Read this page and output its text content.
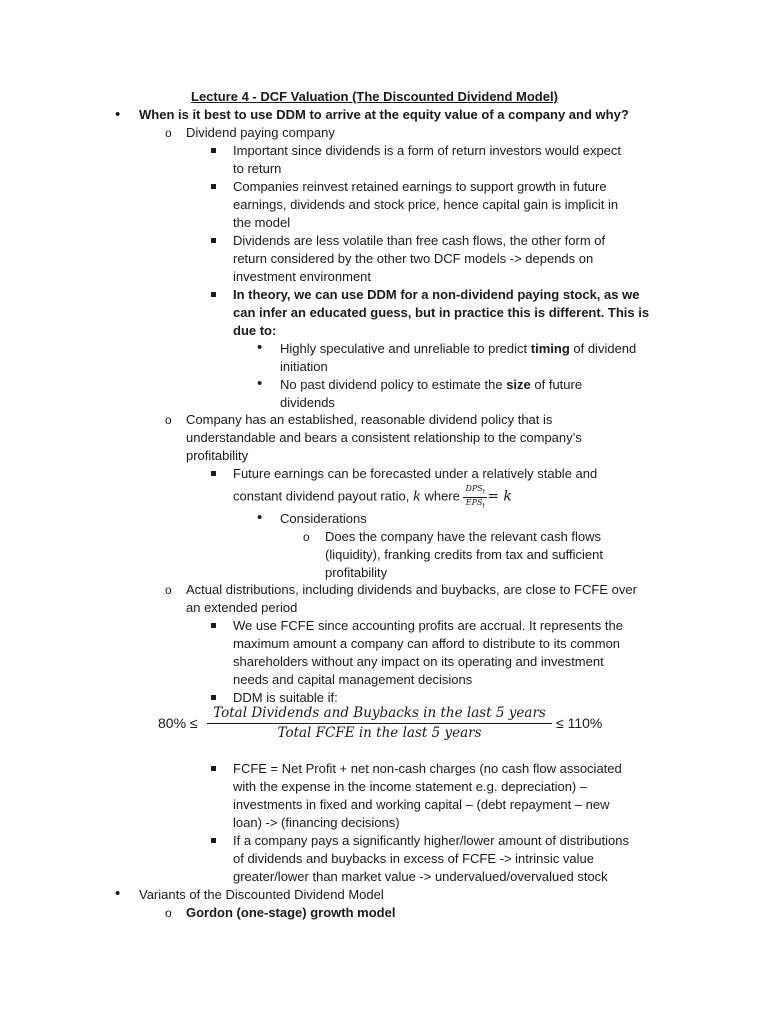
Lecture 4 - DCF Valuation (The Discounted Dividend Model)
•
When is it best to use DDM to arrive at the equity value of a company and why?
o
Dividend paying company
Important since dividends is a form of return investors would expect
to return
Companies reinvest retained earnings to support growth in future
earnings, dividends and stock price, hence capital gain is implicit in
the model
Dividends are less volatile than free cash flows, the other form of
return considered by the other two DCF models -> depends on
investment environment
In theory, we can use DDM for a non-dividend paying stock, as we
can infer an educated guess, but in practice this is different. This is
due to:
•
Highly speculative and unreliable to predict timing of dividend
initiation
•
No past dividend policy to estimate the size of future
dividends
o
Company has an established, reasonable dividend policy that is
understandable and bears a consistent relationship to the company’s
profitability
Future earnings can be forecasted under a relatively stable and
constant dividend payout ratio, k where $\frac{DPS_t}{EPS_t} = k$
•
Considerations
o
Does the company have the relevant cash flows
(liquidity), franking credits from tax and sufficient
profitability
o
Actual distributions, including dividends and buybacks, are close to FCFE over
an extended period
We use FCFE since accounting profits are accrual. It represents the
maximum amount a company can afford to distribute to its common
shareholders without any impact on its operating and investment
needs and capital management decisions
DDM is suitable if:
80% ≤
Total Dividends and Buybacks in the last 5 years
Total FCFE in the last 5 years
≤ 110%
FCFE = Net Profit + net non-cash charges (no cash flow associated
with the expense in the income statement e.g. depreciation) –
investments in fixed and working capital – (debt repayment – new
loan) -> (financing decisions)
If a company pays a significantly higher/lower amount of distributions
of dividends and buybacks in excess of FCFE -> intrinsic value
greater/lower than market value -> undervalued/overvalued stock
•
Variants of the Discounted Dividend Model
o
Gordon (one-stage) growth model
